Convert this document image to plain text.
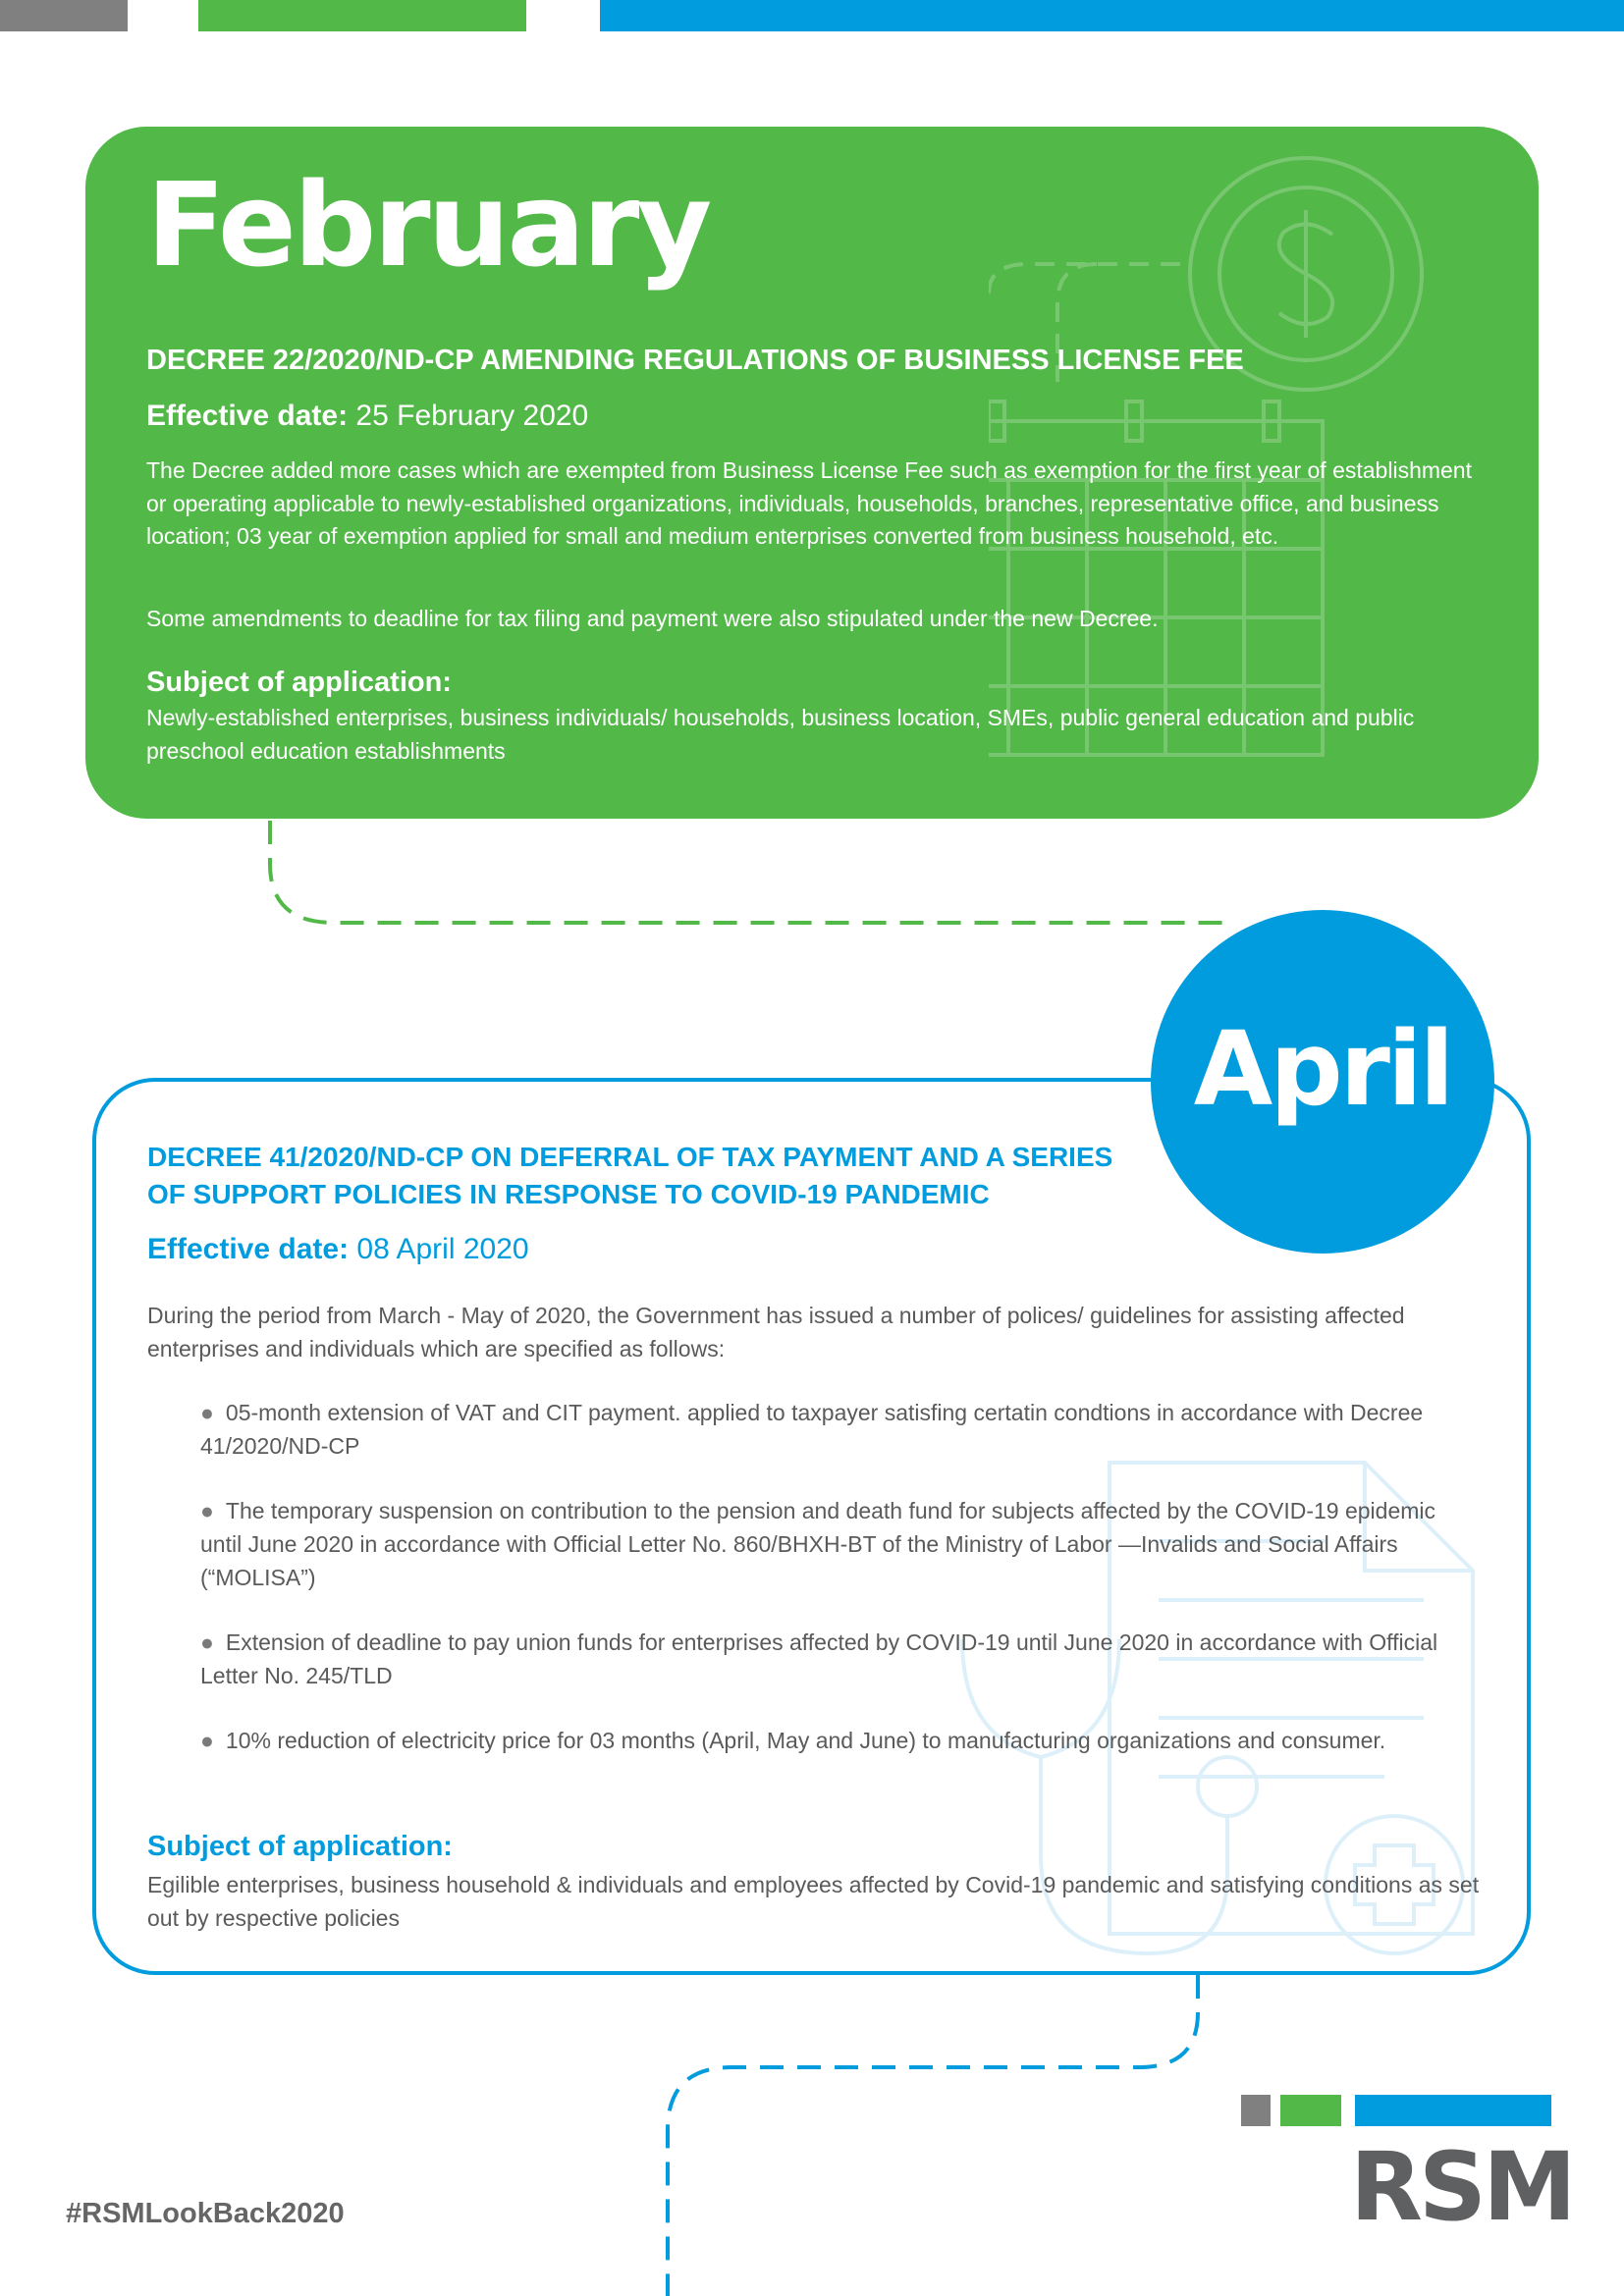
February
DECREE 22/2020/ND-CP AMENDING REGULATIONS OF BUSINESS LICENSE FEE
Effective date: 25 February 2020

The Decree added more cases which are exempted from Business License Fee such as exemption for the first year of establishment or operating applicable to newly-established organizations, individuals, households, branches, representative office, and business location; 03 year of exemption applied for small and medium enterprises converted from business household, etc.

Some amendments to deadline for tax filing and payment were also stipulated under the new Decree.

Subject of application:

Newly-established enterprises, business individuals/ households, business location, SMEs, public general education and public preschool education establishments

April
DECREE 41/2020/ND-CP ON DEFERRAL OF TAX PAYMENT AND A SERIES OF SUPPORT POLICIES IN RESPONSE TO COVID-19 PANDEMIC
Effective date: 08 April 2020

During the period from March - May of 2020, the Government has issued a number of polices/ guidelines for assisting affected enterprises and individuals which are specified as follows:

● 05-month extension of VAT and CIT payment. applied to taxpayer satisfing certatin condtions in accordance with Decree 41/2020/ND-CP

● The temporary suspension on contribution to the pension and death fund for subjects affected by the COVID-19 epidemic until June 2020 in accordance with Official Letter No. 860/BHXH-BT of the Ministry of Labor —Invalids and Social Affairs (“MOLISA”)

● Extension of deadline to pay union funds for enterprises affected by COVID-19 until June 2020 in accordance with Official Letter No. 245/TLD

● 10% reduction of electricity price for 03 months (April, May and June) to manufacturing organizations and consumer.

Subject of application:

Egilible enterprises, business household & individuals and employees affected by Covid-19 pandemic and satisfying conditions as set out by respective policies

#RSMLookBack2020	RSM
